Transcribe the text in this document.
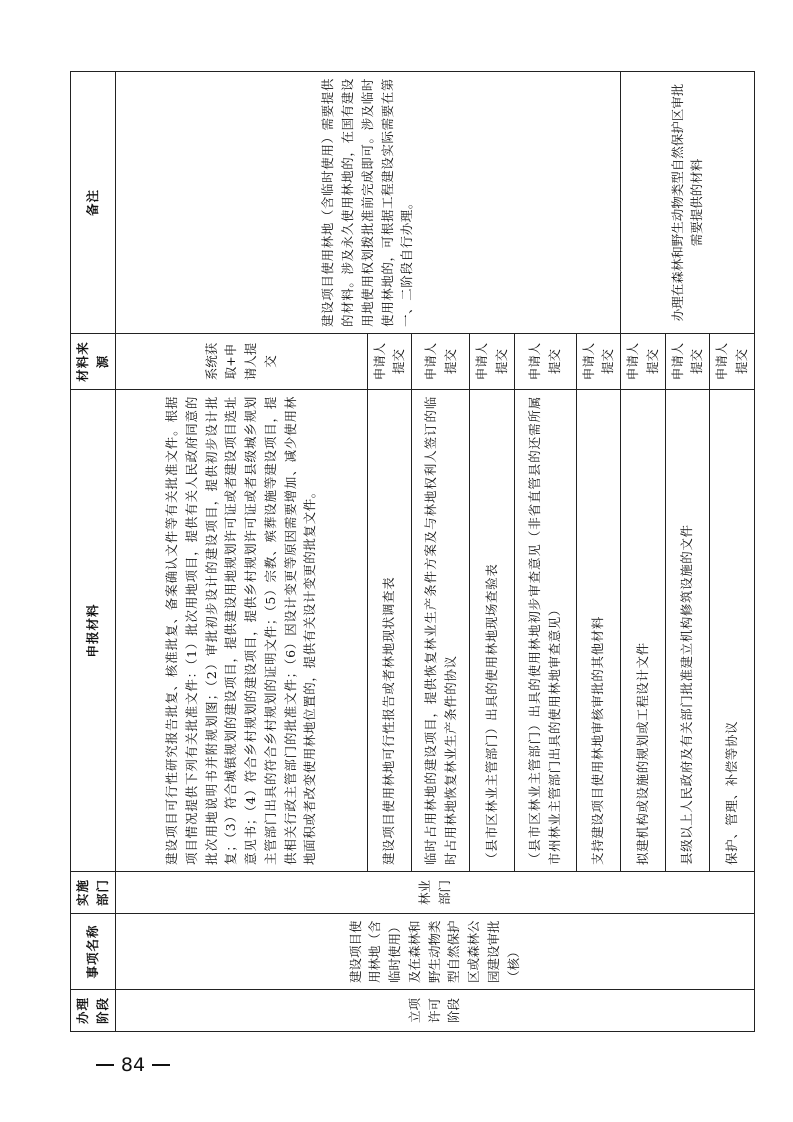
办理阶段	事项名称	实施部门	申报材料	材料来源	备注
立项许可阶段	建设项目使用林地（含临时使用）及在森林和野生动物类型自然保护区或森林公园建设审批（核）	林业部门	建设项目可行性研究报告批复、核准批复、备案确认文件等有关批准文件。根据项目情况提供下列有关批准文件：（1）批次用地项目，提供有关人民政府同意的批次用地说明书并附规划图；（2）审批初步设计的建设项目，提供初步设计批复；（3）符合城镇规划的建设项目，提供建设用地规划许可证或者建设项目选址意见书；（4）符合乡村规划的建设项目，提供乡村规划许可证或者县级城乡规划主管部门出具的符合乡村规划的证明文件；（5）宗教、殡葬设施等建设项目，提供相关行政主管部门的批准文件；（6）因设计变更等原因需要增加、减少使用林地面积或者改变使用林地位置的，提供有关设计变更的批复文件。	系统获取+申请人提交	建设项目使用林地（含临时使用）需要提供的材料。涉及永久使用林地的，在国有建设用地使用权划拨批准前完成即可。涉及临时使用林地的，可根据工程建设实际需要在第一、二阶段自行办理。
			建设项目使用林地可行性报告或者林地现状调查表	申请人提交	
			临时占用林地的建设项目，提供恢复林业生产条件方案及与林地权利人签订的临时占用林地恢复林业生产条件的协议	申请人提交	
			（县市区林业主管部门）出具的使用林地现场查验表	申请人提交	
			（县市区林业主管部门）出具的使用林地初步审查意见（非省直管县的还需所属市州林业主管部门出具的使用林地审查意见）	申请人提交	
			支持建设项目使用林地审核审批的其他材料	申请人提交	
			拟建机构或设施的规划或工程设计文件	申请人提交	办理在森林和野生动物类型自然保护区审批需要提供的材料
			县级以上人民政府及有关部门批准建立机构修筑设施的文件	申请人提交	
			保护、管理、补偿等协议	申请人提交	
84
